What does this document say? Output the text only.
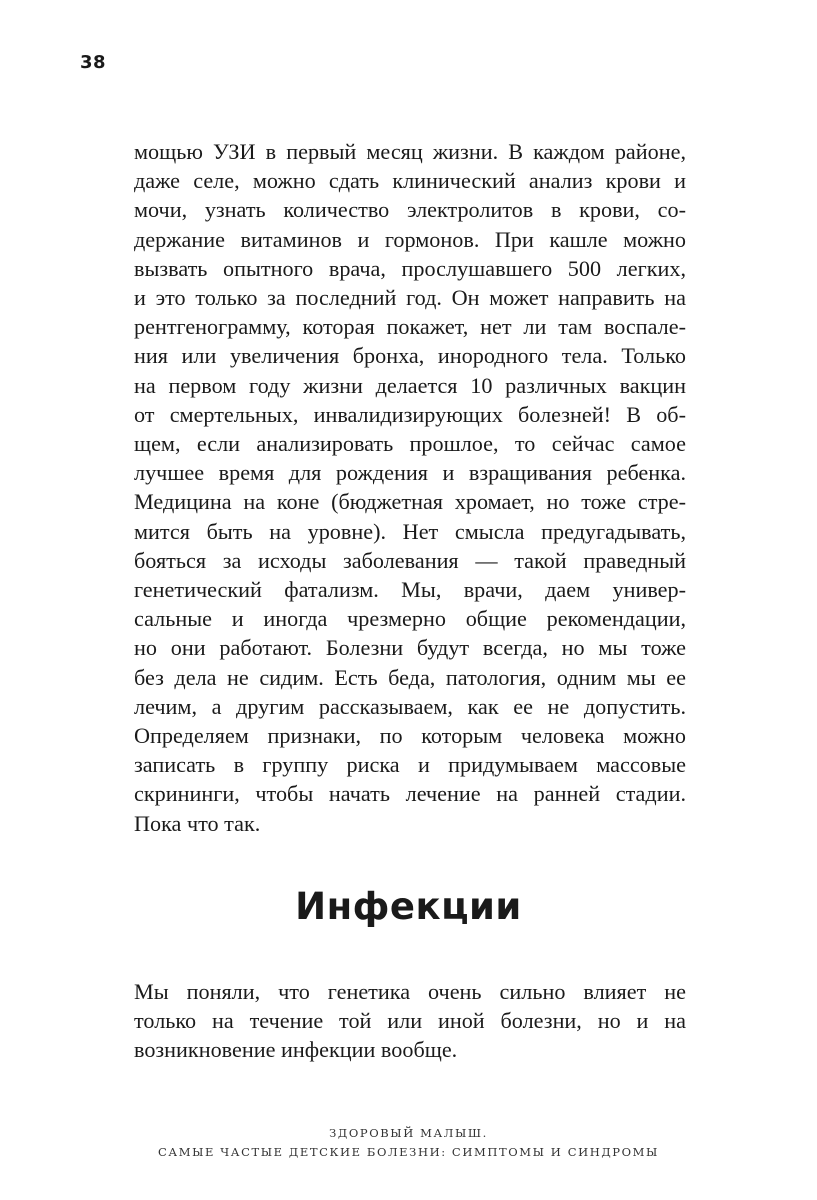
38
мощью УЗИ в первый месяц жизни. В каждом районе,
даже селе, можно сдать клинический анализ крови и
мочи, узнать количество электролитов в крови, со-
держание витаминов и гормонов. При кашле можно
вызвать опытного врача, прослушавшего 500 легких,
и это только за последний год. Он может направить на
рентгенограмму, которая покажет, нет ли там воспале-
ния или увеличения бронха, инородного тела. Только
на первом году жизни делается 10 различных вакцин
от смертельных, инвалидизирующих болезней! В об-
щем, если анализировать прошлое, то сейчас самое
лучшее время для рождения и взращивания ребенка.
Медицина на коне (бюджетная хромает, но тоже стре-
мится быть на уровне). Нет смысла предугадывать,
бояться за исходы заболевания — такой праведный
генетический фатализм. Мы, врачи, даем универ-
сальные и иногда чрезмерно общие рекомендации,
но они работают. Болезни будут всегда, но мы тоже
без дела не сидим. Есть беда, патология, одним мы ее
лечим, а другим рассказываем, как ее не допустить.
Определяем признаки, по которым человека можно
записать в группу риска и придумываем массовые
скрининги, чтобы начать лечение на ранней стадии.
Пока что так.
Инфекции
Мы поняли, что генетика очень сильно влияет не
только на течение той или иной болезни, но и на
возникновение инфекции вообще.
ЗДОРОВЫЙ МАЛЫШ.
САМЫЕ ЧАСТЫЕ ДЕТСКИЕ БОЛЕЗНИ: СИМПТОМЫ И СИНДРОМЫ
